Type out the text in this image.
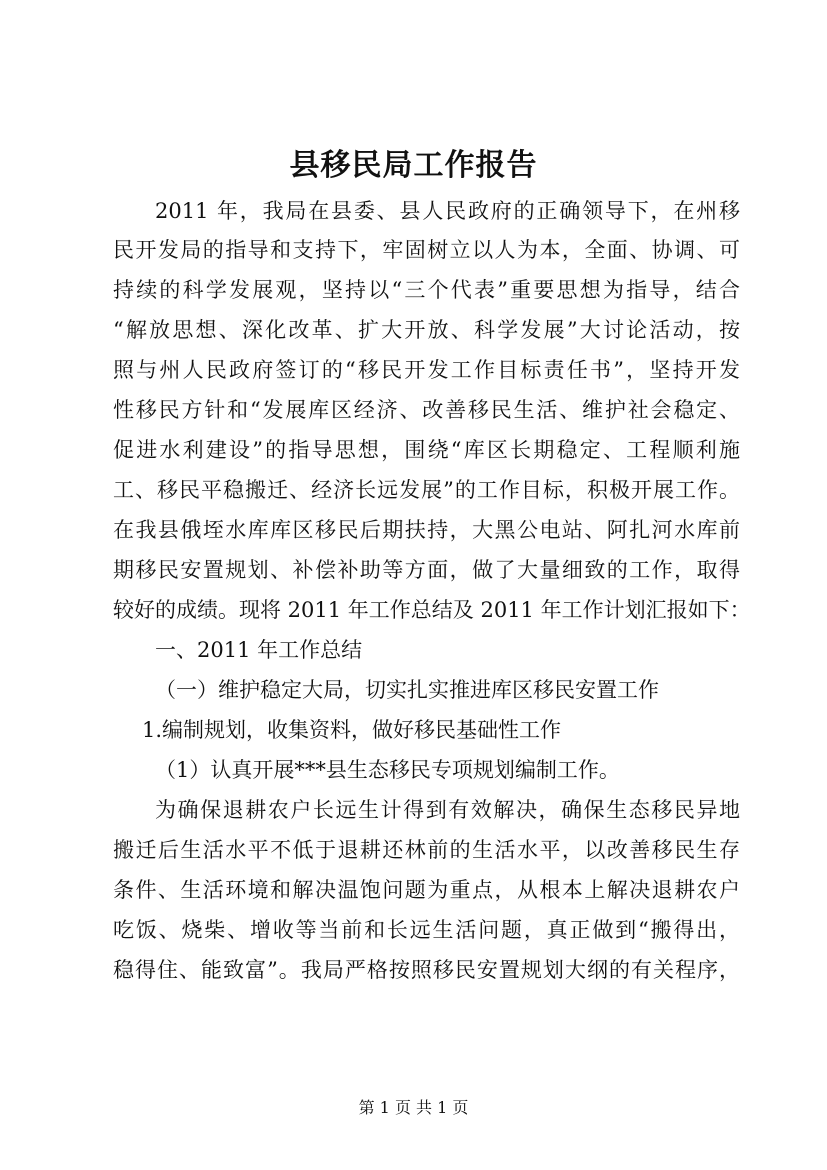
县移民局工作报告
2011 年，我局在县委、县人民政府的正确领导下，在州移
民开发局的指导和支持下，牢固树立以人为本，全面、协调、可
持续的科学发展观，坚持以“三个代表”重要思想为指导，结合
“解放思想、深化改革、扩大开放、科学发展”大讨论活动，按
照与州人民政府签订的“移民开发工作目标责任书”，坚持开发
性移民方针和“发展库区经济、改善移民生活、维护社会稳定、
促进水利建设”的指导思想，围绕“库区长期稳定、工程顺利施
工、移民平稳搬迁、经济长远发展”的工作目标，积极开展工作。
在我县俄垤水库库区移民后期扶持，大黑公电站、阿扎河水库前
期移民安置规划、补偿补助等方面，做了大量细致的工作，取得
较好的成绩。现将 2011 年工作总结及 2011 年工作计划汇报如下：
一、2011 年工作总结
（一）维护稳定大局，切实扎实推进库区移民安置工作
1.编制规划，收集资料，做好移民基础性工作
（1）认真开展***县生态移民专项规划编制工作。
为确保退耕农户长远生计得到有效解决，确保生态移民异地
搬迁后生活水平不低于退耕还林前的生活水平，以改善移民生存
条件、生活环境和解决温饱问题为重点，从根本上解决退耕农户
吃饭、烧柴、增收等当前和长远生活问题，真正做到“搬得出，
稳得住、能致富”。我局严格按照移民安置规划大纲的有关程序，
第 1 页 共 1 页
